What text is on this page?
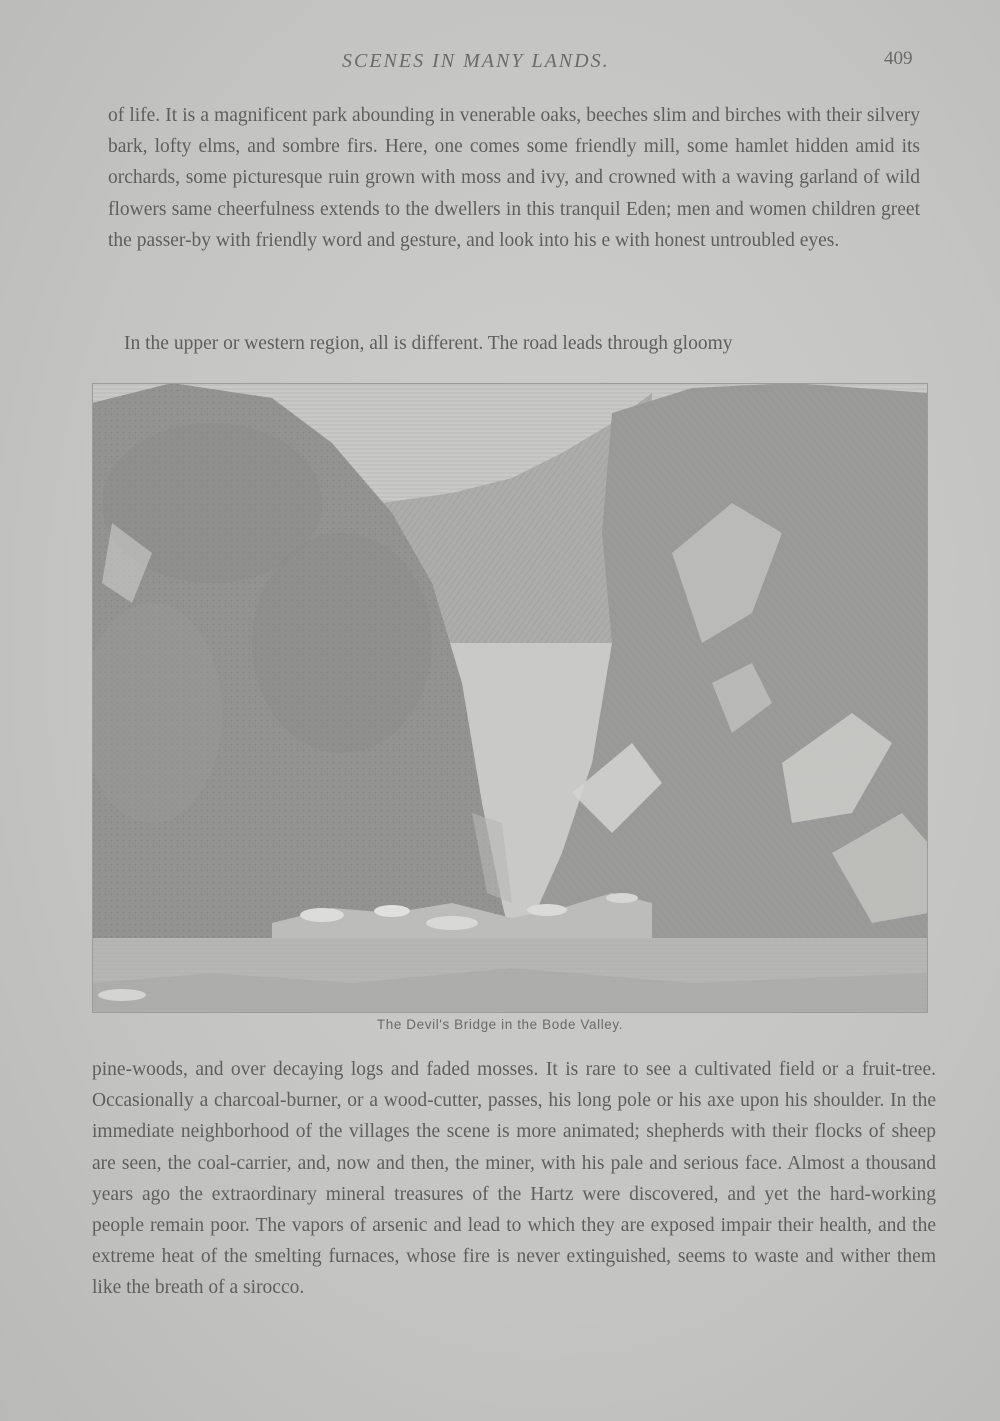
SCENES IN MANY LANDS.	409

of life. It is a magnificent park abounding in venerable oaks, beeches slim and birches with their silvery bark, lofty elms, and sombre firs. Here, one comes some friendly mill, some hamlet hidden amid its orchards, some picturesque ruin grown with moss and ivy, and crowned with a waving garland of wild flowers same cheerfulness extends to the dwellers in this tranquil Eden; men and women children greet the passer-by with friendly word and gesture, and look into his e with honest untroubled eyes.

In the upper or western region, all is different. The road leads through gloomy

The Devil's Bridge in the Bode Valley.

pine-woods, and over decaying logs and faded mosses. It is rare to see a cultivated field or a fruit-tree. Occasionally a charcoal-burner, or a wood-cutter, passes, his long pole or his axe upon his shoulder. In the immediate neighborhood of the villages the scene is more animated; shepherds with their flocks of sheep are seen, the coal-carrier, and, now and then, the miner, with his pale and serious face. Almost a thousand years ago the extraordinary mineral treasures of the Hartz were discovered, and yet the hard-working people remain poor. The vapors of arsenic and lead to which they are exposed impair their health, and the extreme heat of the smelting furnaces, whose fire is never extinguished, seems to waste and wither them like the breath of a sirocco.
